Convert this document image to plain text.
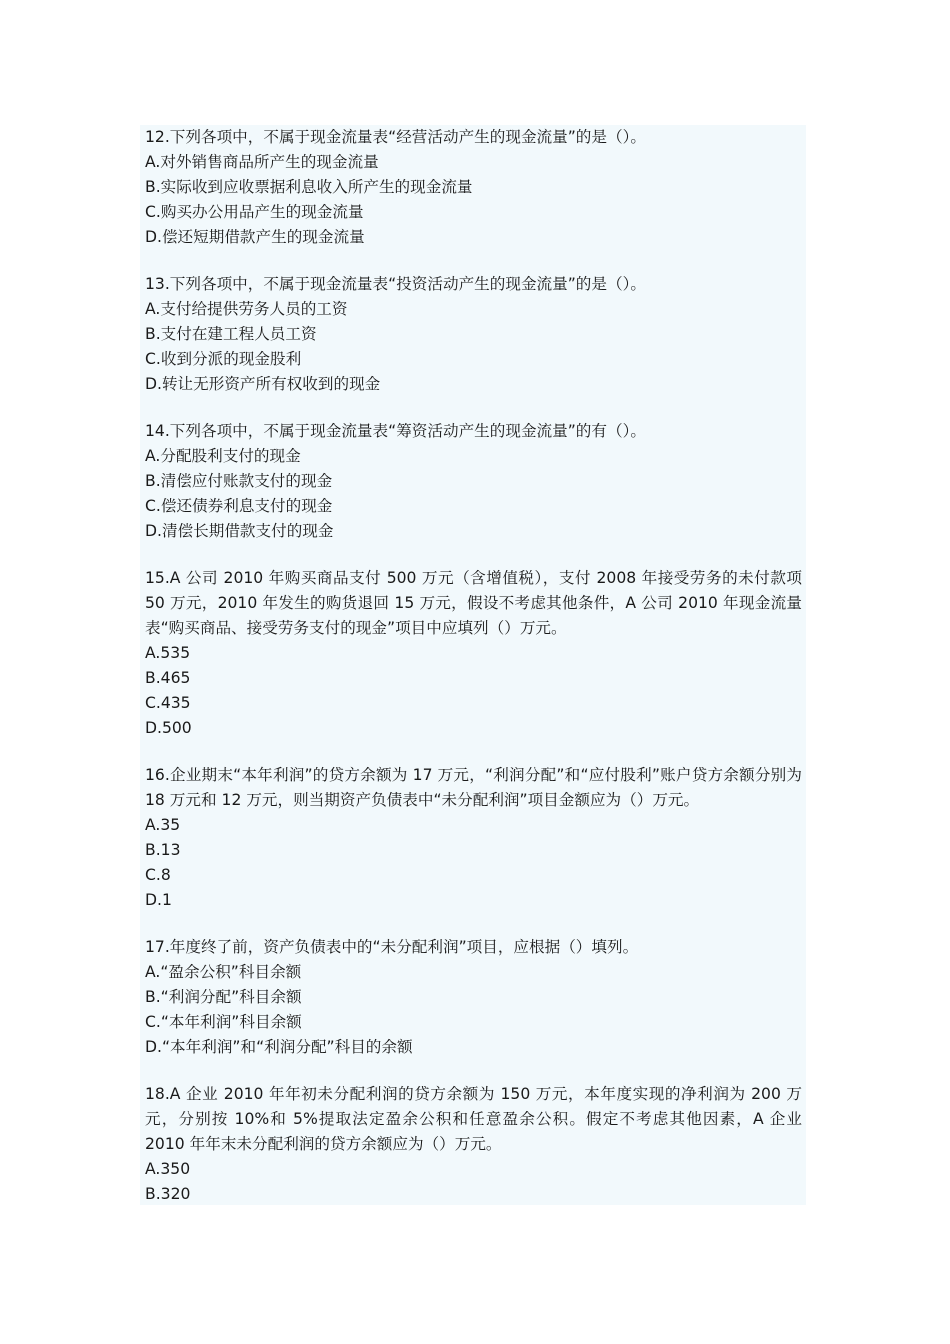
12.下列各项中，不属于现金流量表“经营活动产生的现金流量”的是（）。

A.对外销售商品所产生的现金流量

B.实际收到应收票据利息收入所产生的现金流量

C.购买办公用品产生的现金流量

D.偿还短期借款产生的现金流量

13.下列各项中，不属于现金流量表“投资活动产生的现金流量”的是（）。

A.支付给提供劳务人员的工资

B.支付在建工程人员工资

C.收到分派的现金股利

D.转让无形资产所有权收到的现金

14.下列各项中，不属于现金流量表“筹资活动产生的现金流量”的有（）。

A.分配股利支付的现金

B.清偿应付账款支付的现金

C.偿还债券利息支付的现金

D.清偿长期借款支付的现金

15.A 公司 2010 年购买商品支付 500 万元（含增值税），支付 2008 年接受劳务的未付款项 50 万元，2010 年发生的购货退回 15 万元，假设不考虑其他条件，A 公司 2010 年现金流量表“购买商品、接受劳务支付的现金”项目中应填列（）万元。

A.535

B.465

C.435

D.500

16.企业期末“本年利润”的贷方余额为 17 万元，“利润分配”和“应付股利”账户贷方余额分别为 18 万元和 12 万元，则当期资产负债表中“未分配利润”项目金额应为（）万元。

A.35

B.13

C.8

D.1

17.年度终了前，资产负债表中的“未分配利润”项目，应根据（）填列。

A.“盈余公积”科目余额

B.“利润分配”科目余额

C.“本年利润”科目余额

D.“本年利润”和“利润分配”科目的余额

18.A 企业 2010 年年初未分配利润的贷方余额为 150 万元，本年度实现的净利润为 200 万元，分别按 10%和 5%提取法定盈余公积和任意盈余公积。假定不考虑其他因素，A 企业 2010 年年末未分配利润的贷方余额应为（）万元。

A.350

B.320
